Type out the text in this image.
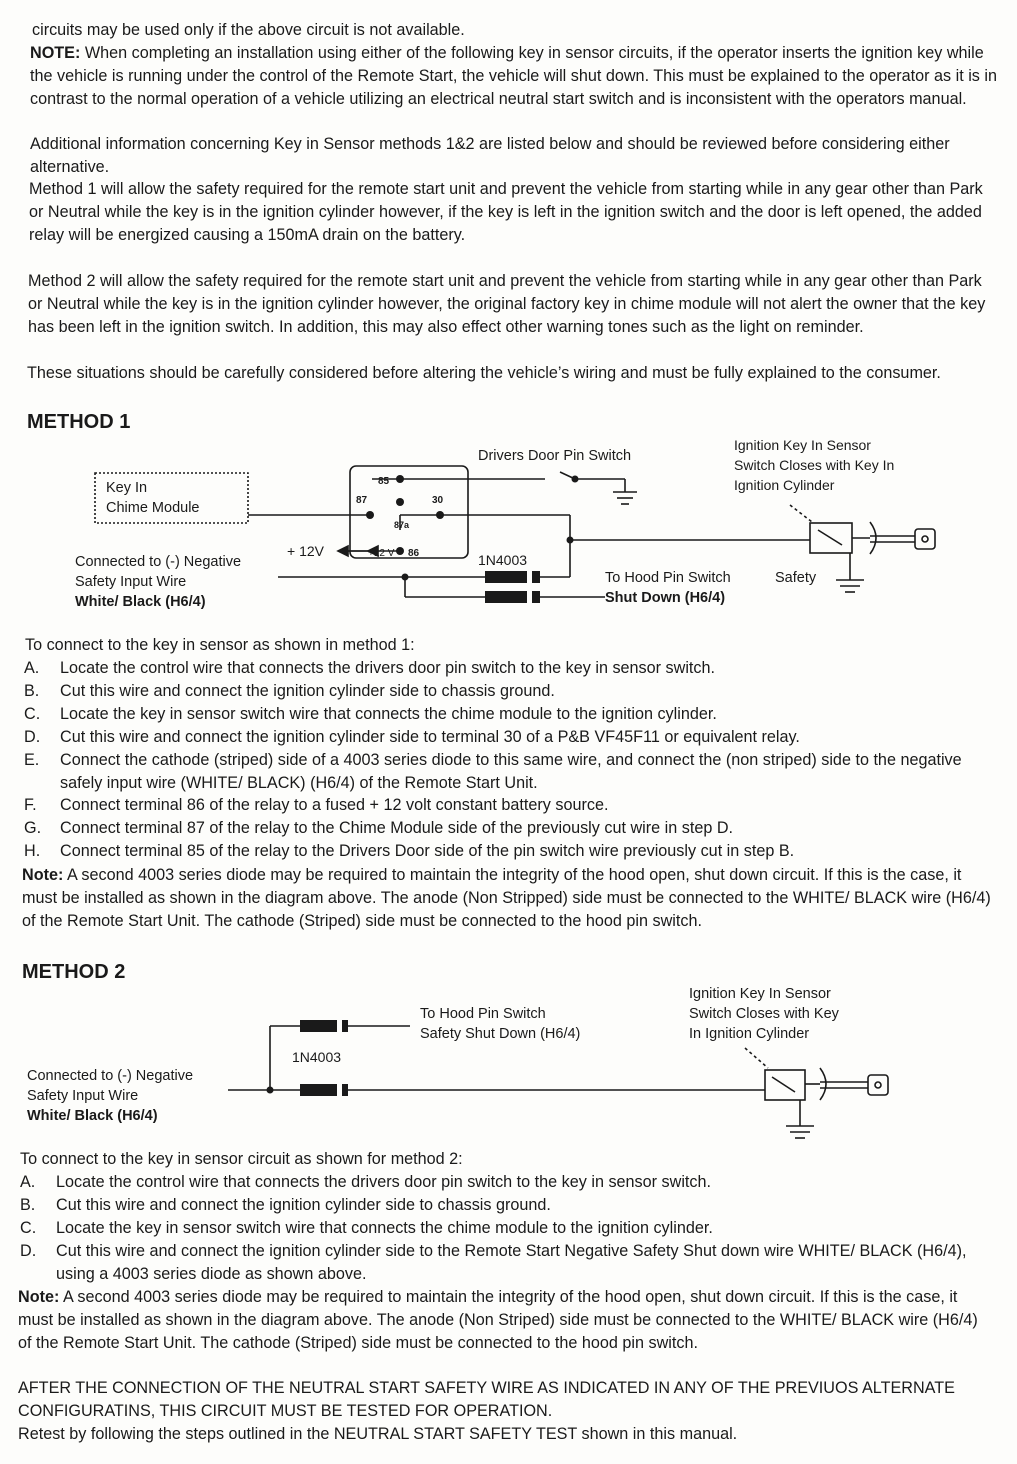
circuits may be used only if the above circuit is not available.

NOTE: When completing an installation using either of the following key in sensor circuits, if the operator inserts the ignition key while the vehicle is running under the control of the Remote Start, the vehicle will shut down. This must be explained to the operator as it is in contrast to the normal operation of a vehicle utilizing an electrical neutral start switch and is inconsistent with the operators manual.

Additional information concerning Key in Sensor methods 1&2 are listed below and should be reviewed before considering either alternative.

Method 1 will allow the safety required for the remote start unit and prevent the vehicle from starting while in any gear other than Park or Neutral while the key is in the ignition cylinder however, if the key is left in the ignition switch and the door is left opened, the added relay will be energized causing a 150mA drain on the battery.

Method 2 will allow the safety required for the remote start unit and prevent the vehicle from starting while in any gear other than Park or Neutral while the key is in the ignition cylinder however, the original factory key in chime module will not alert the owner that the key has been left in the ignition switch. In addition, this may also effect other warning tones such as the light on reminder.

These situations should be carefully considered before altering the vehicle’s wiring and must be fully explained to the consumer.

METHOD 1
Key In
Chime Module
Drivers Door Pin Switch
Ignition Key In Sensor
Switch Closes with Key In
Ignition Cylinder
85
87	30
87a
86
+ 12V	+12 V
Connected to (-) Negative
Safety Input Wire
White/ Black (H6/4)
1N4003
To Hood Pin Switch
Shut Down (H6/4)
Safety

To connect to the key in sensor as shown in method 1:

A. Locate the control wire that connects the drivers door pin switch to the key in sensor switch.
B. Cut this wire and connect the ignition cylinder side to chassis ground.
C. Locate the key in sensor switch wire that connects the chime module to the ignition cylinder.
D. Cut this wire and connect the ignition cylinder side to terminal 30 of a P&B VF45F11 or equivalent relay.
E. Connect the cathode (striped) side of a 4003 series diode to this same wire, and connect the (non striped) side to the negative safely input wire (WHITE/ BLACK) (H6/4) of the Remote Start Unit.
F. Connect terminal 86 of the relay to a fused + 12 volt constant battery source.
G. Connect terminal 87 of the relay to the Chime Module side of the previously cut wire in step D.
H. Connect terminal 85 of the relay to the Drivers Door side of the pin switch wire previously cut in step B.

Note: A second 4003 series diode may be required to maintain the integrity of the hood open, shut down circuit. If this is the case, it must be installed as shown in the diagram above. The anode (Non Stripped) side must be connected to the WHITE/ BLACK wire (H6/4) of the Remote Start Unit. The cathode (Striped) side must be connected to the hood pin switch.

METHOD 2
To Hood Pin Switch
Safety Shut Down (H6/4)
Ignition Key In Sensor
Switch Closes with Key
In Ignition Cylinder
1N4003
Connected to (-) Negative
Safety Input Wire
White/ Black (H6/4)

To connect to the key in sensor circuit as shown for method 2:

A. Locate the control wire that connects the drivers door pin switch to the key in sensor switch.
B. Cut this wire and connect the ignition cylinder side to chassis ground.
C. Locate the key in sensor switch wire that connects the chime module to the ignition cylinder.
D. Cut this wire and connect the ignition cylinder side to the Remote Start Negative Safety Shut down wire WHITE/ BLACK (H6/4), using a 4003 series diode as shown above.

Note: A second 4003 series diode may be required to maintain the integrity of the hood open, shut down circuit. If this is the case, it must be installed as shown in the diagram above. The anode (Non Striped) side must be connected to the WHITE/ BLACK wire (H6/4) of the Remote Start Unit. The cathode (Striped) side must be connected to the hood pin switch.

AFTER THE CONNECTION OF THE NEUTRAL START SAFETY WIRE AS INDICATED IN ANY OF THE PREVIUOS ALTERNATE CONFIGURATINS, THIS CIRCUIT MUST BE TESTED FOR OPERATION.

Retest by following the steps outlined in the NEUTRAL START SAFETY TEST shown in this manual.
